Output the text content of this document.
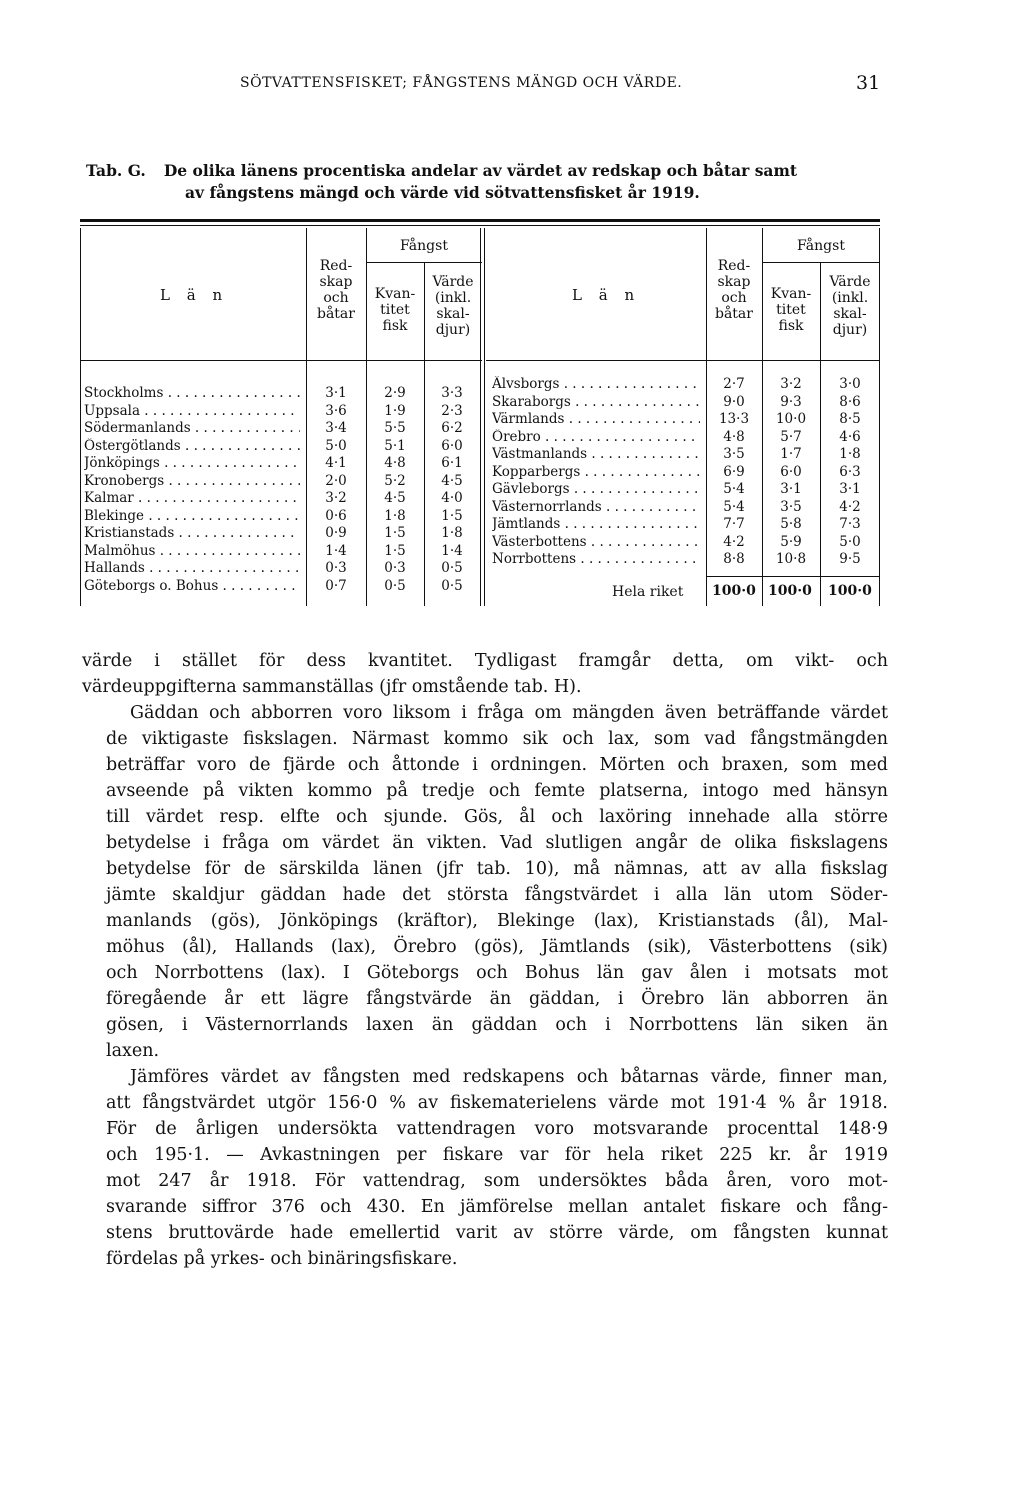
SÖTVATTENSFISKET; FÅNGSTENS MÄNGD OCH VÄRDE.	31
Tab. G. De olika länens procentiska andelar av värdet av redskap och båtar samt
av fångstens mängd och värde vid sötvattensfisket år 1919.
L ä n
Red-
skap
och
båtar
Fångst
Kvan-
titet
fisk
Värde
(inkl.
skal-
djur)
L ä n
Red-
skap
och
båtar
Fångst
Kvan-
titet
fisk
Värde
(inkl.
skal-
djur)
Stockholms . . .
Uppsala . . .
Södermanlands . . .
Östergötlands . . .
Jönköpings . . .
Kronobergs . . .
Kalmar . . .
Blekinge . . .
Kristianstads . . .
Malmöhus . . .
Hallands . . .
Göteborgs o. Bohus . . .
3·1
3·6
3·4
5·0
4·1
2·0
3·2
0·6
0·9
1·4
0·3
0·7
2·9
1·9
5·5
5·1
4·8
5·2
4·5
1·8
1·5
1·5
0·3
0·5
3·3
2·3
6·2
6·0
6·1
4·5
4·0
1·5
1·8
1·4
0·5
0·5
Älvsborgs . . .
Skaraborgs . . .
Värmlands . . .
Örebro . . .
Västmanlands . . .
Kopparbergs . . .
Gävleborgs . . .
Västernorrlands . . .
Jämtlands . . .
Västerbottens . . .
Norrbottens . . .
2·7
9·0
13·3
4·8
3·5
6·9
5·4
5·4
7·7
4·2
8·8
3·2
9·3
10·0
5·7
1·7
6·0
3·1
3·5
5·8
5·9
10·8
3·0
8·6
8·5
4·6
1·8
6·3
3·1
4·2
7·3
5·0
9·5
Hela riket 100·0 100·0 100·0

värde i stället för dess kvantitet. Tydligast framgår detta, om vikt- och
värdeuppgifterna sammanställas (jfr omstående tab. H).

Gäddan och abborren voro liksom i fråga om mängden även beträffande värdet
de viktigaste fiskslagen. Närmast kommo sik och lax, som vad fångstmängden
beträffar voro de fjärde och åttonde i ordningen. Mörten och braxen, som med
avseende på vikten kommo på tredje och femte platserna, intogo med hänsyn
till värdet resp. elfte och sjunde. Gös, ål och laxöring innehade alla större
betydelse i fråga om värdet än vikten. Vad slutligen angår de olika fiskslagens
betydelse för de särskilda länen (jfr tab. 10), må nämnas, att av alla fiskslag
jämte skaldjur gäddan hade det största fångstvärdet i alla län utom Söder-
manlands (gös), Jönköpings (kräftor), Blekinge (lax), Kristianstads (ål), Mal-
möhus (ål), Hallands (lax), Örebro (gös), Jämtlands (sik), Västerbottens (sik)
och Norrbottens (lax). I Göteborgs och Bohus län gav ålen i motsats mot
föregående år ett lägre fångstvärde än gäddan, i Örebro län abborren än
gösen, i Västernorrlands laxen än gäddan och i Norrbottens län siken än
laxen.

Jämföres värdet av fångsten med redskapens och båtarnas värde, finner man,
att fångstvärdet utgör 156·0 % av fiskematerielens värde mot 191·4 % år 1918.
För de årligen undersökta vattendragen voro motsvarande procenttal 148·9
och 195·1. — Avkastningen per fiskare var för hela riket 225 kr. år 1919
mot 247 år 1918. För vattendrag, som undersöktes båda åren, voro mot-
svarande siffror 376 och 430. En jämförelse mellan antalet fiskare och fång-
stens bruttovärde hade emellertid varit av större värde, om fångsten kunnat
fördelas på yrkes- och binäringsfiskare.
